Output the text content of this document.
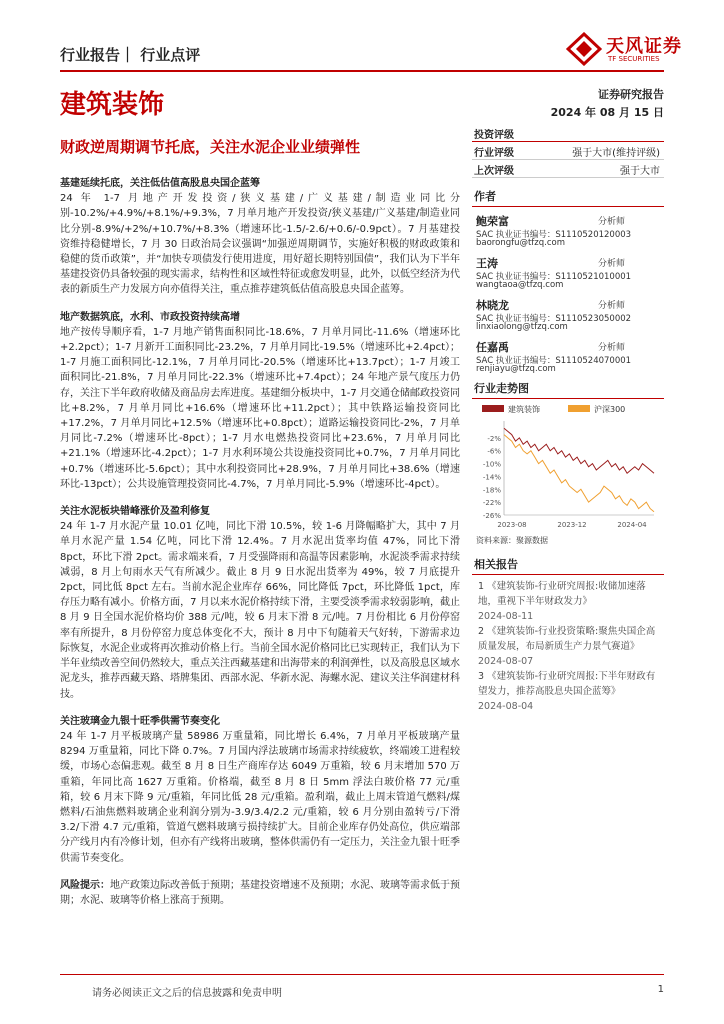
行业报告｜ 行业点评	天风证券
TF SECURITIES
建筑装饰	证券研究报告
2024 年 08 月 15 日
财政逆周期调节托底，关注水泥企业业绩弹性
投资评级
行业评级	强于大市(维持评级)
上次评级	强于大市
基建延续托底，关注低估值高股息央国企蓝筹
24 年 1-7 月地产开发投资/狭义基建/广义基建/制造业同比分别-10.2%/+4.9%/+8.1%/+9.3%，7 月单月地产开发投资/狭义基建/广义基建/制造业同比分别-8.9%/+2%/+10.7%/+8.3%（增速环比-1.5/-2.6/+0.6/-0.9pct）。7 月基建投资维持稳健增长，7 月 30 日政治局会议强调“加强逆周期调节，实施好积极的财政政策和稳健的货币政策”，并“加快专项债发行使用进度，用好超长期特别国债”，我们认为下半年基建投资仍具备较强的现实需求，结构性和区域性特征或愈发明显，此外，以低空经济为代表的新质生产力发展方向亦值得关注，重点推荐建筑低估值高股息央国企蓝筹。
地产数据筑底，水利、市政投资持续高增
地产按传导顺序看，1-7 月地产销售面积同比-18.6%，7 月单月同比-11.6%（增速环比+2.2pct）；1-7 月新开工面积同比-23.2%，7 月单月同比-19.5%（增速环比+2.4pct）；1-7 月施工面积同比-12.1%，7 月单月同比-20.5%（增速环比+13.7pct）；1-7 月竣工面积同比-21.8%，7 月单月同比-22.3%（增速环比+7.4pct）；24 年地产景气度压力仍存，关注下半年政府收储及商品房去库进度。基建细分板块中，1-7 月交通仓储邮政投资同比+8.2%，7 月单月同比+16.6%（增速环比+11.2pct）；其中铁路运输投资同比+17.2%，7 月单月同比+12.5%（增速环比+0.8pct）；道路运输投资同比-2%，7 月单月同比-7.2%（增速环比-8pct）；1-7 月水电燃热投资同比+23.6%，7 月单月同比+21.1%（增速环比-4.2pct）；1-7 月水利环境公共设施投资同比+0.7%，7 月单月同比+0.7%（增速环比-5.6pct）；其中水利投资同比+28.9%，7 月单月同比+38.6%（增速环比-13pct）；公共设施管理投资同比-4.7%，7 月单月同比-5.9%（增速环比-4pct）。
关注水泥板块错峰涨价及盈利修复
24 年 1-7 月水泥产量 10.01 亿吨，同比下滑 10.5%，较 1-6 月降幅略扩大，其中 7 月单月水泥产量 1.54 亿吨，同比下滑 12.4%。7 月水泥出货率均值 47%，同比下滑 8pct，环比下滑 2pct。需求端来看，7 月受强降雨和高温等因素影响，水泥淡季需求持续减弱，8 月上旬雨水天气有所减少。截止 8 月 9 日水泥出货率为 49%，较 7 月底提升 2pct，同比低 8pct 左右。当前水泥企业库存 66%，同比降低 7pct，环比降低 1pct，库存压力略有减小。价格方面，7 月以来水泥价格持续下滑，主要受淡季需求较弱影响，截止 8 月 9 日全国水泥价格均价 388 元/吨，较 6 月末下滑 8 元/吨。7 月份相比 6 月份停窑率有所提升，8 月份停窑力度总体变化不大，预计 8 月中下旬随着天气好转，下游需求边际恢复，水泥企业或将再次推动价格上行。当前全国水泥价格同比已实现转正，我们认为下半年业绩改善空间仍然较大，重点关注西藏基建和出海带来的利润弹性，以及高股息区域水泥龙头，推荐西藏天路、塔牌集团、西部水泥、华新水泥、海螺水泥、建议关注华润建材科技。
关注玻璃金九银十旺季供需节奏变化
24 年 1-7 月平板玻璃产量 58986 万重量箱，同比增长 6.4%，7 月单月平板玻璃产量 8294 万重量箱，同比下降 0.7%。7 月国内浮法玻璃市场需求持续疲软，终端竣工进程较缓，市场心态偏悲观。截至 8 月 8 日生产商库存达 6049 万重箱，较 6 月末增加 570 万重箱，年同比高 1627 万重箱。价格端，截至 8 月 8 日 5mm 浮法白玻价格 77 元/重箱，较 6 月末下降 9 元/重箱，年同比低 28 元/重箱。盈利端，截止上周末管道气燃料/煤燃料/石油焦燃料玻璃企业利润分别为-3.9/3.4/2.2 元/重箱，较 6 月分别由盈转亏/下滑 3.2/下滑 4.7 元/重箱，管道气燃料玻璃亏损持续扩大。目前企业库存仍处高位，供应端部分产线月内有冷修计划，但亦有产线将出玻璃，整体供需仍有一定压力，关注金九银十旺季供需节奏变化。
风险提示：地产政策边际改善低于预期；基建投资增速不及预期；水泥、玻璃等需求低于预期；水泥、玻璃等价格上涨高于预期。
作者
鲍荣富	分析师
SAC 执业证书编号：S1110520120003
baorongfu@tfzq.com
王涛	分析师
SAC 执业证书编号：S1110521010001
wangtaoa@tfzq.com
林晓龙	分析师
SAC 执业证书编号：S1110523050002
linxiaolong@tfzq.com
任嘉禹	分析师
SAC 执业证书编号：S1110524070001
renjiayu@tfzq.com
行业走势图
建筑装饰	沪深300
-2%
-6%
-10%
-14%
-18%
-22%
-26%
2023-08	2023-12	2024-04
资料来源：聚源数据
相关报告
1 《建筑装饰-行业研究周报:收储加速落地，重视下半年财政发力》
2024-08-11
2 《建筑装饰-行业投资策略:聚焦央国企高质量发展，布局新质生产力景气赛道》
2024-08-07
3 《建筑装饰-行业研究周报:下半年财政有望发力，推荐高股息央国企蓝筹》
2024-08-04
请务必阅读正文之后的信息披露和免责申明	1
